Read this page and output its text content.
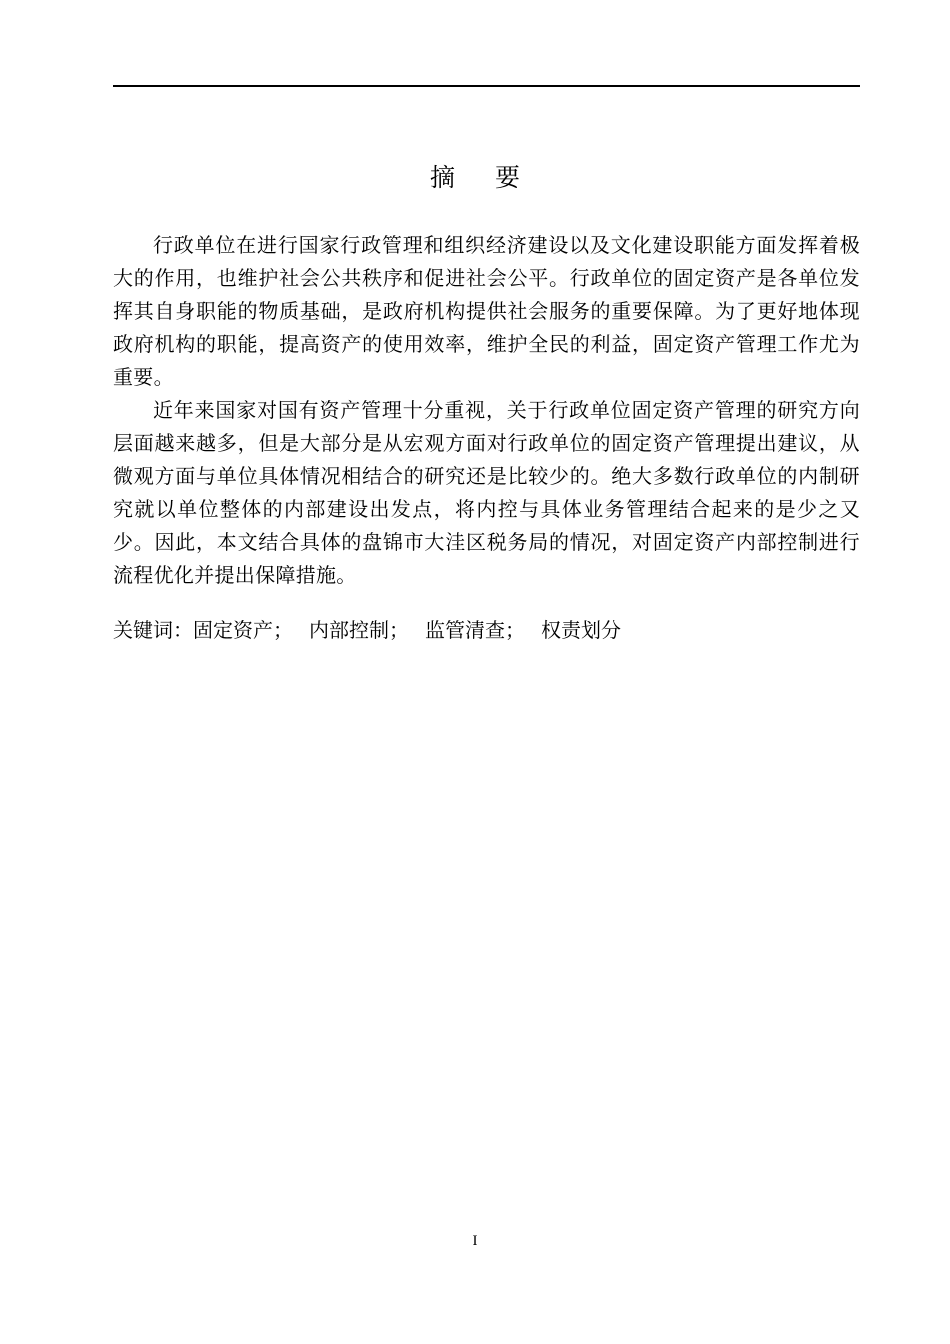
摘要

行政单位在进行国家行政管理和组织经济建设以及文化建设职能方面发挥着极大的作用，也维护社会公共秩序和促进社会公平。行政单位的固定资产是各单位发挥其自身职能的物质基础，是政府机构提供社会服务的重要保障。为了更好地体现政府机构的职能，提高资产的使用效率，维护全民的利益，固定资产管理工作尤为重要。

近年来国家对国有资产管理十分重视，关于行政单位固定资产管理的研究方向层面越来越多，但是大部分是从宏观方面对行政单位的固定资产管理提出建议，从微观方面与单位具体情况相结合的研究还是比较少的。绝大多数行政单位的内制研究就以单位整体的内部建设出发点，将内控与具体业务管理结合起来的是少之又少。因此，本文结合具体的盘锦市大洼区税务局的情况，对固定资产内部控制进行流程优化并提出保障措施。

关键词：固定资产； 内部控制； 监管清查； 权责划分
I
